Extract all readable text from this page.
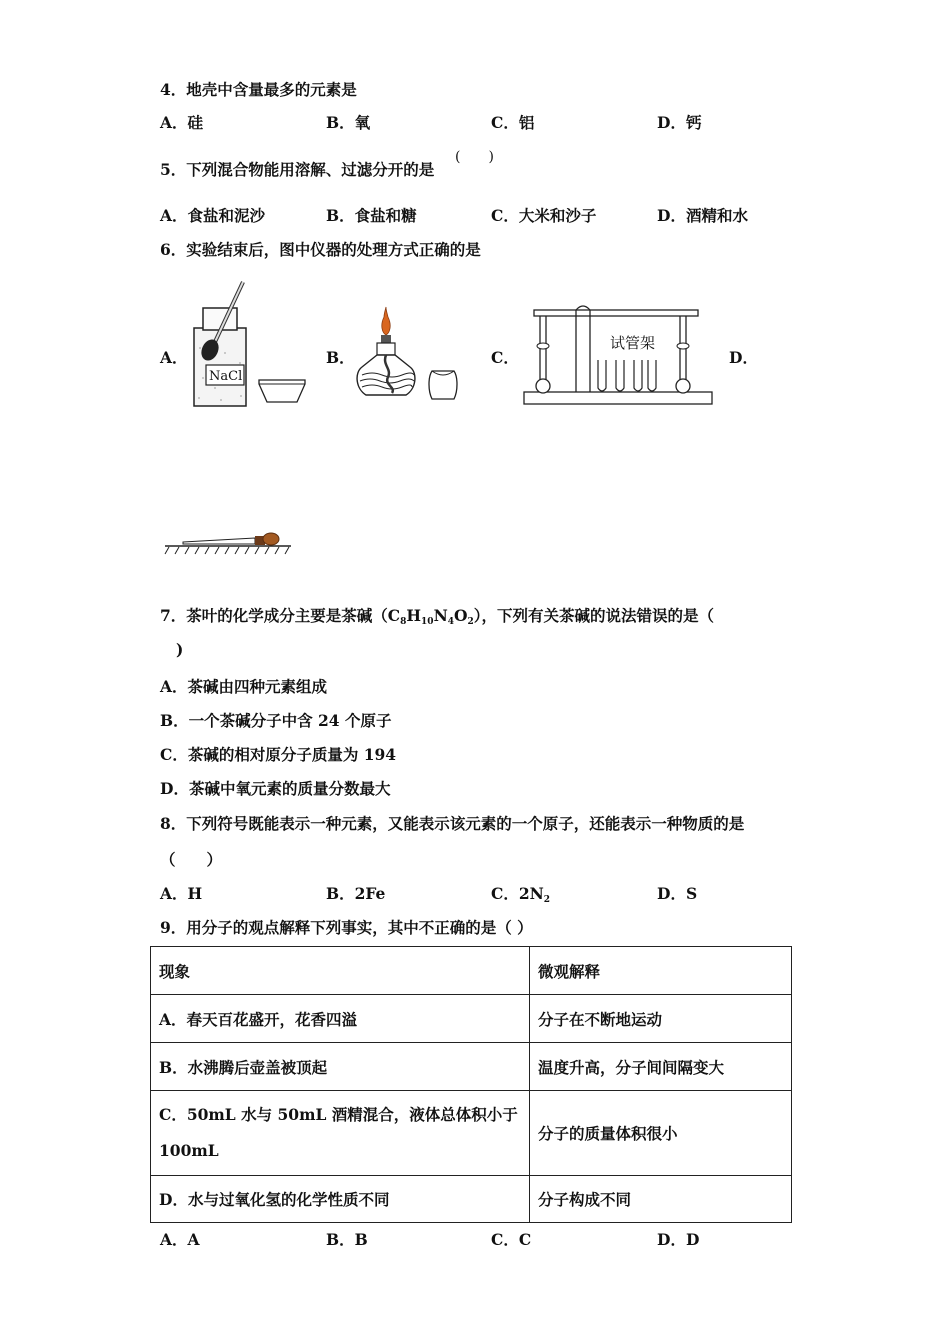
4．地壳中含量最多的元素是
A．硅	B．氧	C．铝	D．钙
5．下列混合物能用溶解、过滤分开的是
(　　)
A．食盐和泥沙	B．食盐和糖	C．大米和沙子	D．酒精和水
6．实验结束后，图中仪器的处理方式正确的是
A．	B．	C．	D．
NaCl
试管架
7．茶叶的化学成分主要是茶碱$(C_8H_{10}N_4O_2)$，下列有关茶碱的说法错误的是（
)
A．茶碱由四种元素组成
B．一个茶碱分子中含 24 个原子
C．茶碱的相对原分子质量为 194
D．茶碱中氧元素的质量分数最大
8．下列符号既能表示一种元素，又能表示该元素的一个原子，还能表示一种物质的是
（　　）
A．H	B．2Fe	C．$2N_2$	D．S
9．用分子的观点解释下列事实，其中不正确的是（ ）
现象	微观解释
A．春天百花盛开，花香四溢	分子在不断地运动
B．水沸腾后壶盖被顶起	温度升高，分子间间隔变大

C．50mL 水与 50mL 酒精混合，液体总体积小于
100mL	分子的质量体积很小
D．水与过氧化氢的化学性质不同	分子构成不同
A．A	B．B	C．C	D．D
